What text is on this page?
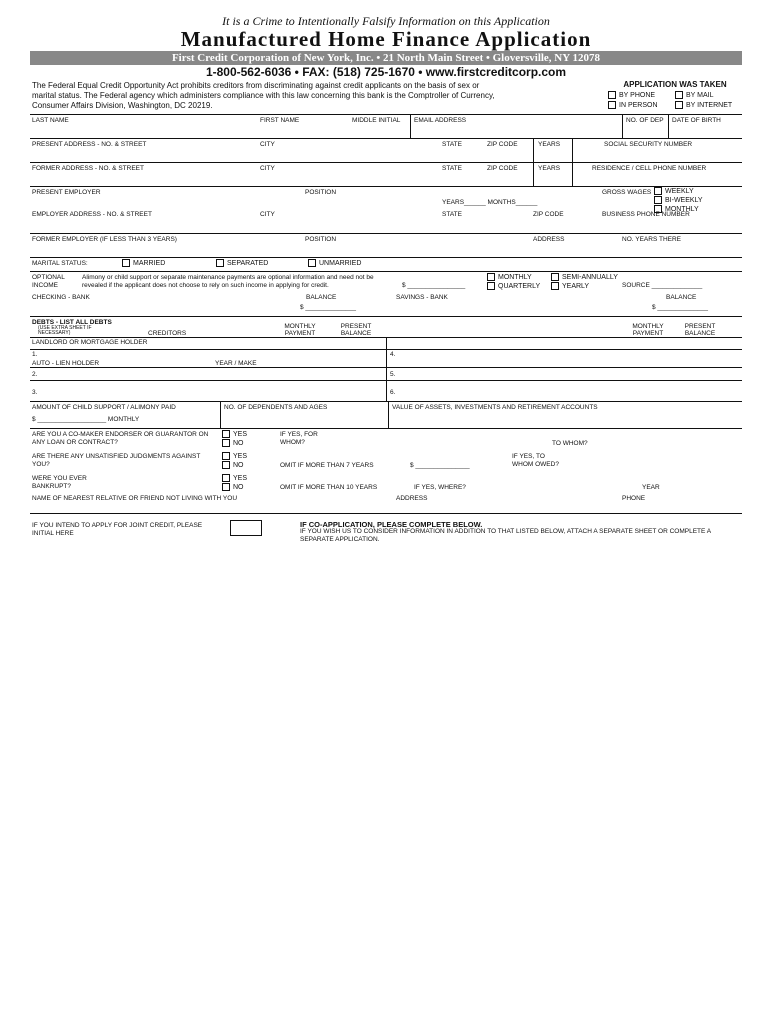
It is a Crime to Intentionally Falsify Information on this Application
Manufactured Home Finance Application
First Credit Corporation of New York, Inc. • 21 North Main Street • Gloversville, NY 12078
1-800-562-6036 • FAX: (518) 725-1670 • www.firstcreditcorp.com
The Federal Equal Credit Opportunity Act prohibits creditors from discriminating against credit applicants on the basis of sex or marital status. The Federal agency which administers compliance with this law concerning this bank is the Comptroller of Currency, Consumer Affairs Division, Washington, DC 20219.
APPLICATION WAS TAKEN
BY PHONE	BY MAIL
IN PERSON	BY INTERNET
LAST NAME	FIRST NAME	MIDDLE INITIAL EMAIL ADDRESS	NO. OF DEP DATE OF BIRTH
PRESENT ADDRESS - NO. & STREET	CITY	STATE	ZIP CODE	YEARS	SOCIAL SECURITY NUMBER
FORMER ADDRESS - NO. & STREET	CITY	STATE	ZIP CODE	YEARS	RESIDENCE / CELL PHONE NUMBER
PRESENT EMPLOYER	POSITION	GROSS WAGES WEEKLY
BI-WEEKLY
MONTHLY
YEARS______ MONTHS______
EMPLOYER ADDRESS - NO. & STREET	CITY	STATE	ZIP CODE	BUSINESS PHONE NUMBER
FORMER EMPLOYER (IF LESS THAN 3 YEARS)	POSITION	ADDRESS	NO. YEARS THERE
MARITAL STATUS:	MARRIED	SEPARATED	UNMARRIED
OPTIONAL
INCOME
Alimony or child support or separate maintenance payments are optional information and need not be revealed if the applicant does not choose to rely on such income in applying for credit.	$ ________________
MONTHLY	SEMI-ANNUALLY
QUARTERLY	YEARLY	SOURCE ______________
CHECKING - BANK	BALANCE
$ ______________
SAVINGS - BANK	BALANCE
$ ______________
DEBTS - LIST ALL DEBTS
(USE EXTRA SHEET IF NECESSARY)	CREDITORS
MONTHLY PAYMENT
PRESENT BALANCE
MONTHLY PAYMENT
PRESENT BALANCE
LANDLORD OR MORTGAGE HOLDER
1.	4.
AUTO - LIEN HOLDER	YEAR / MAKE
2.	5.
3.	6.
AMOUNT OF CHILD SUPPORT / ALIMONY PAID
$ ___________________ MONTHLY
NO. OF DEPENDENTS AND AGES	VALUE OF ASSETS, INVESTMENTS AND RETIREMENT ACCOUNTS
ARE YOU A CO-MAKER ENDORSER OR GUARANTOR ON ANY LOAN OR CONTRACT?
YES
NO
IF YES, FOR WHOM?	TO WHOM?
ARE THERE ANY UNSATISFIED JUDGMENTS AGAINST YOU?
YES
NO	OMIT IF MORE THAN 7 YEARS	$ _______________
IF YES, TO WHOM OWED?
WERE YOU EVER BANKRUPT?
YES
NO	OMIT IF MORE THAN 10 YEARS	IF YES, WHERE?	YEAR
NAME OF NEAREST RELATIVE OR FRIEND NOT LIVING WITH YOU	ADDRESS	PHONE
IF YOU INTEND TO APPLY FOR JOINT CREDIT, PLEASE INITIAL HERE
IF CO-APPLICATION, PLEASE COMPLETE BELOW.
IF YOU WISH US TO CONSIDER INFORMATION IN ADDITION TO THAT LISTED BELOW, ATTACH A SEPARATE SHEET OR COMPLETE A SEPARATE APPLICATION.
